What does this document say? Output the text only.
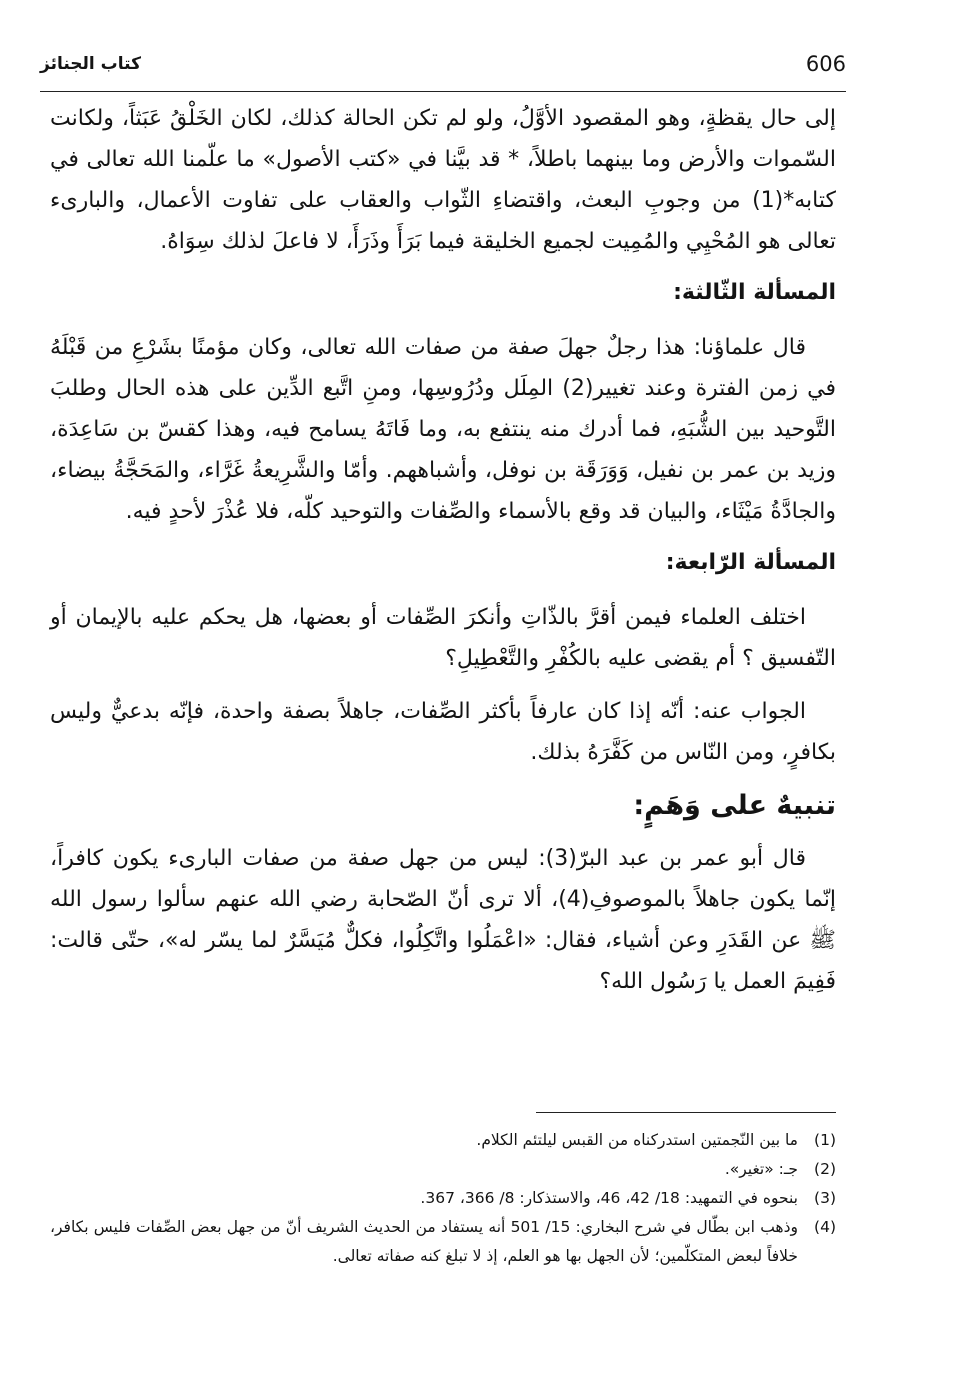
606
كتاب الجنائز

إلى حال يقظةٍ، وهو المقصود الأوَّلُ، ولو لم تكن الحالة كذلك، لكان الخَلْقُ عَبَثاً، ولكانت السّموات والأرض وما بينهما باطلاً، * قد بيَّنا في «كتب الأصول» ما علّمنا الله تعالى في كتابه*(1) من وجوبِ البعث، واقتضاءِ الثّواب والعقاب على تفاوت الأعمال، والبارىء تعالى هو المُحْيِي والمُمِيت لجميع الخليقة فيما بَرَأَ وذَرَأَ، لا فاعلَ لذلك سِوَاهُ.

المسألة الثّالثة:

قال علماؤنا: هذا رجلٌ جهلَ صفة من صفات الله تعالى، وكان مؤمنًا بشَرْعِ من قَبْلَهُ في زمن الفترة وعند تغيير(2) المِلَل ودُرُوسِها، ومنِ اتَّبع الدِّين على هذه الحال وطلبَ التَّوحيد بين الشُّبَهِ، فما أدرك منه ينتفع به، وما فَاتَهُ يسامح فيه، وهذا كقسّ بن سَاعِدَة، وزيد بن عمر بن نفيل، وَوَرَقَة بن نوفل، وأشباههم. وأمّا والشَّرِيعةُ غَرَّاء، والمَحَجَّةُ بيضاء، والجادَّةُ مَيْثَاء، والبيان قد وقع بالأسماء والصِّفات والتوحيد كلّه، فلا عُذْرَ لأحدٍ فيه.

المسألة الرّابعة:

اختلف العلماء فيمن أقرَّ بالذّاتِ وأنكرَ الصِّفات أو بعضها، هل يحكم عليه بالإيمان أو التّفسيق ؟ أم يقضى عليه بالكُفْرِ والتَّعْطِيلِ؟

الجواب عنه: أنّه إذا كان عارفاً بأكثر الصِّفات، جاهلاً بصفة واحدة، فإنّه بدعيٌّ وليس بكافرٍ، ومن النّاس من كَفَّرَهُ بذلك.

تنبيهٌ على وَهَمٍ:

قال أبو عمر بن عبد البرّ(3): ليس من جهل صفة من صفات البارىء يكون كافراً، إنّما يكون جاهلاً بالموصوفِ(4)، ألا ترى أنّ الصّحابة رضي الله عنهم سألوا رسول الله ﷺ عن القَدَرِ وعن أشياء، فقال: «اعْمَلُوا واتَّكِلُوا، فكلٌّ مُيَسَّرٌ لما يسّر له»، حتّى قالت: فَفِيمَ العمل يا رَسُول الله؟

(1)
ما بين النّجمتين استدركناه من القبس ليلتئم الكلام.
(2)
جـ: «تغير».
(3)
بنحوه في التمهيد: 18/ 42، 46، والاستذكار: 8/ 366، 367.
(4)
وذهب ابن بطّال في شرح البخاري: 15/ 501 أنه يستفاد من الحديث الشريف أنّ من جهل بعض الصِّفات فليس بكافر، خلافاً لبعض المتكلّمين؛ لأن الجهل بها هو العلم، إذ لا تبلغ كنه صفاته تعالى.
